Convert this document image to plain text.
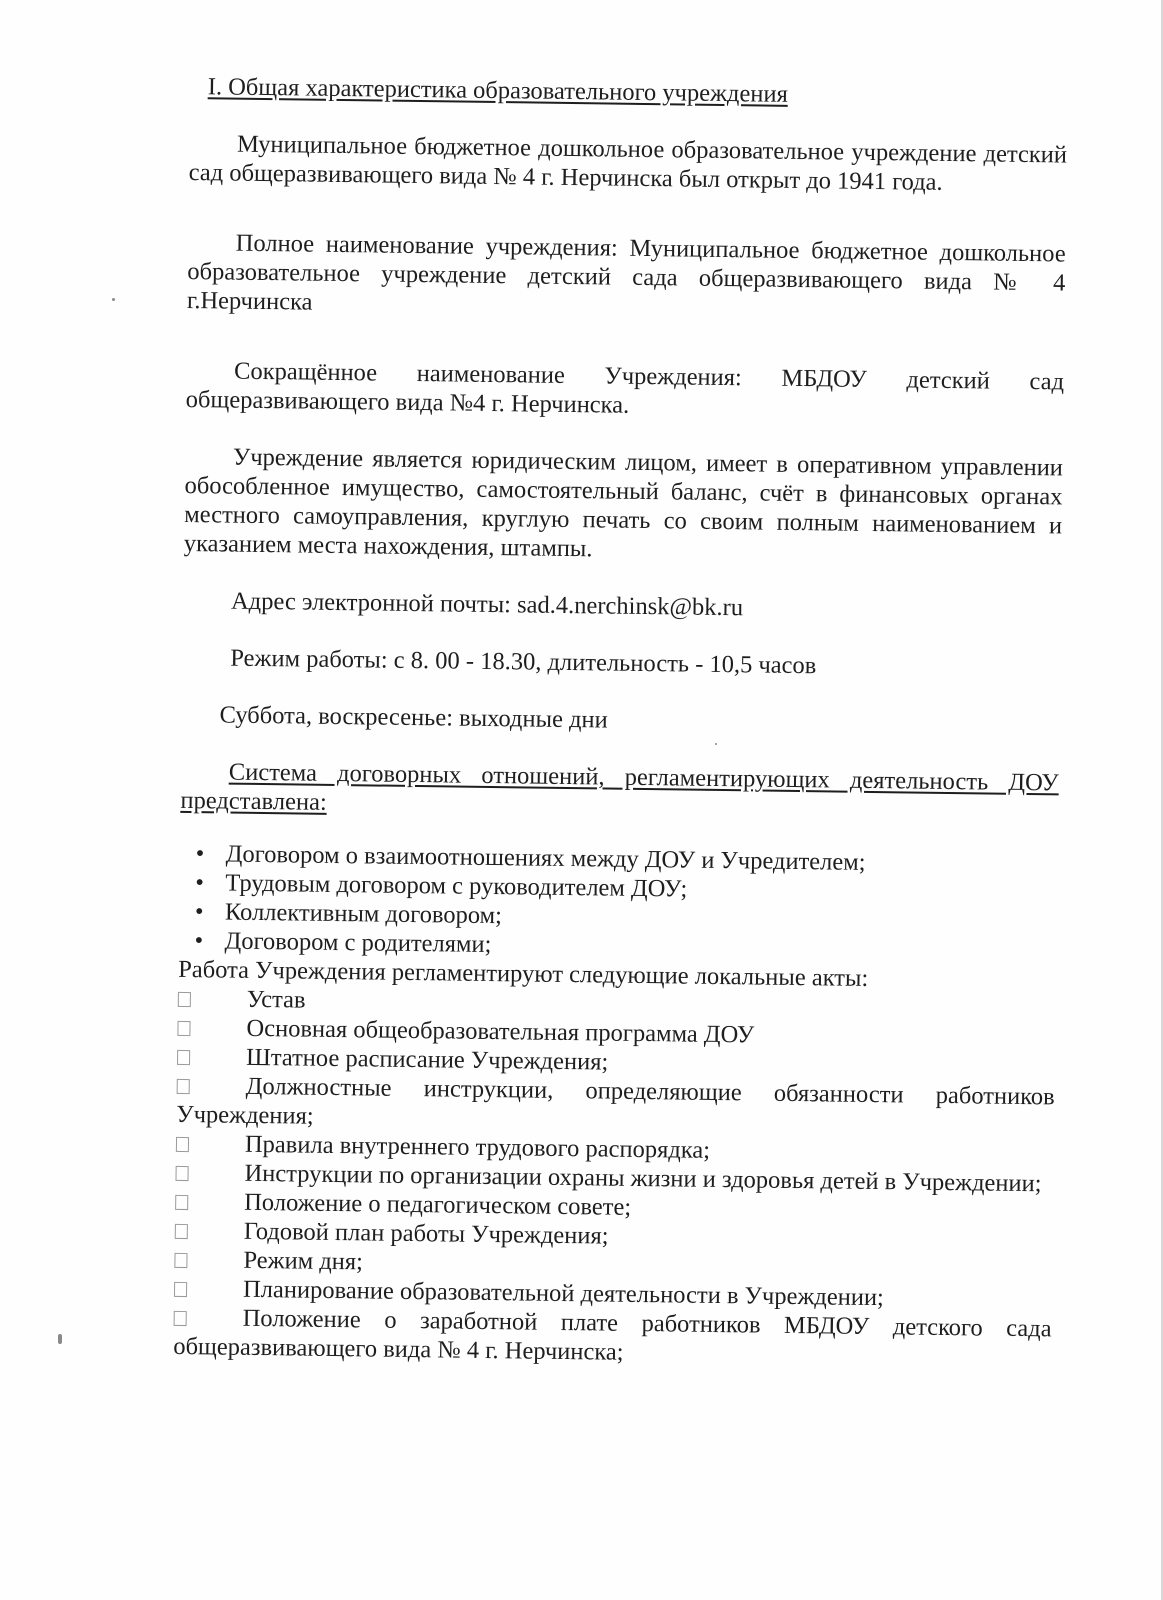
I. Общая характеристика образовательного учреждения

Муниципальное бюджетное дошкольное образовательное учреждение детский сад общеразвивающего вида № 4 г. Нерчинска был открыт до 1941 года.

Полное наименование учреждения: Муниципальное бюджетное дошкольное образовательное учреждение детский сада общеразвивающего вида № 4 г.Нерчинска

Сокращённое наименование Учреждения: МБДОУ детский сад общеразвивающего вида №4 г. Нерчинска.

Учреждение является юридическим лицом, имеет в оперативном управлении обособленное имущество, самостоятельный баланс, счёт в финансовых органах местного самоуправления, круглую печать со своим полным наименованием и указанием места нахождения, штампы.

Адрес электронной почты: sad.4.nerchinsk@bk.ru

Режим работы: с 8. 00 - 18.30, длительность - 10,5 часов

Суббота, воскресенье: выходные дни

Система договорных отношений, регламентирующих деятельность ДОУ представлена:

• Договором о взаимоотношениях между ДОУ и Учредителем;
• Трудовым договором с руководителем ДОУ;
• Коллективным договором;
• Договором с родителями;

Работа Учреждения регламентируют следующие локальные акты:

Устав
Основная общеобразовательная программа ДОУ
Штатное расписание Учреждения;
Должностные инструкции, определяющие обязанности работников Учреждения;
Правила внутреннего трудового распорядка;
Инструкции по организации охраны жизни и здоровья детей в Учреждении;
Положение о педагогическом совете;
Годовой план работы Учреждения;
Режим дня;
Планирование образовательной деятельности в Учреждении;
Положение о заработной плате работников МБДОУ детского сада общеразвивающего вида № 4 г. Нерчинска;
